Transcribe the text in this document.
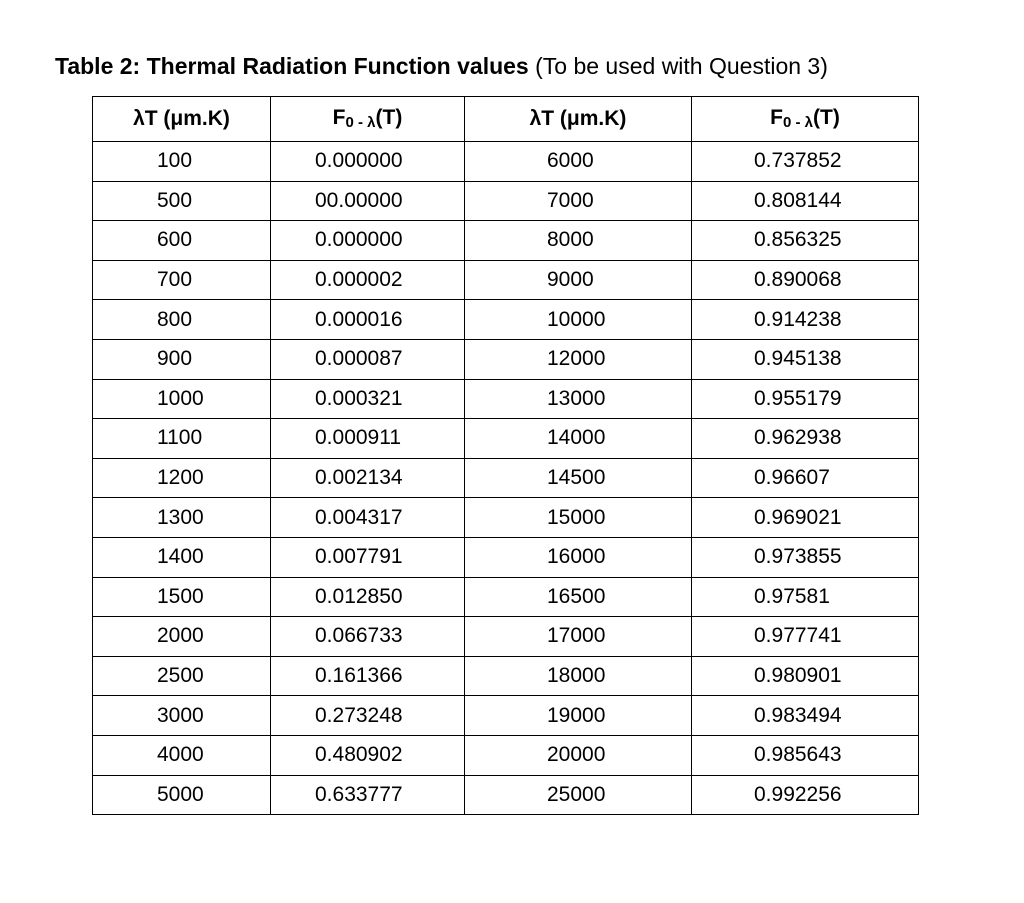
Table 2: Thermal Radiation Function values (To be used with Question 3)
λT (μm.K)	F0 - λ(T)	λT (μm.K)	F0 - λ(T)
100	0.000000	6000	0.737852
500	00.00000	7000	0.808144
600	0.000000	8000	0.856325
700	0.000002	9000	0.890068
800	0.000016	10000	0.914238
900	0.000087	12000	0.945138
1000	0.000321	13000	0.955179
1100	0.000911	14000	0.962938
1200	0.002134	14500	0.96607
1300	0.004317	15000	0.969021
1400	0.007791	16000	0.973855
1500	0.012850	16500	0.97581
2000	0.066733	17000	0.977741
2500	0.161366	18000	0.980901
3000	0.273248	19000	0.983494
4000	0.480902	20000	0.985643
5000	0.633777	25000	0.992256
